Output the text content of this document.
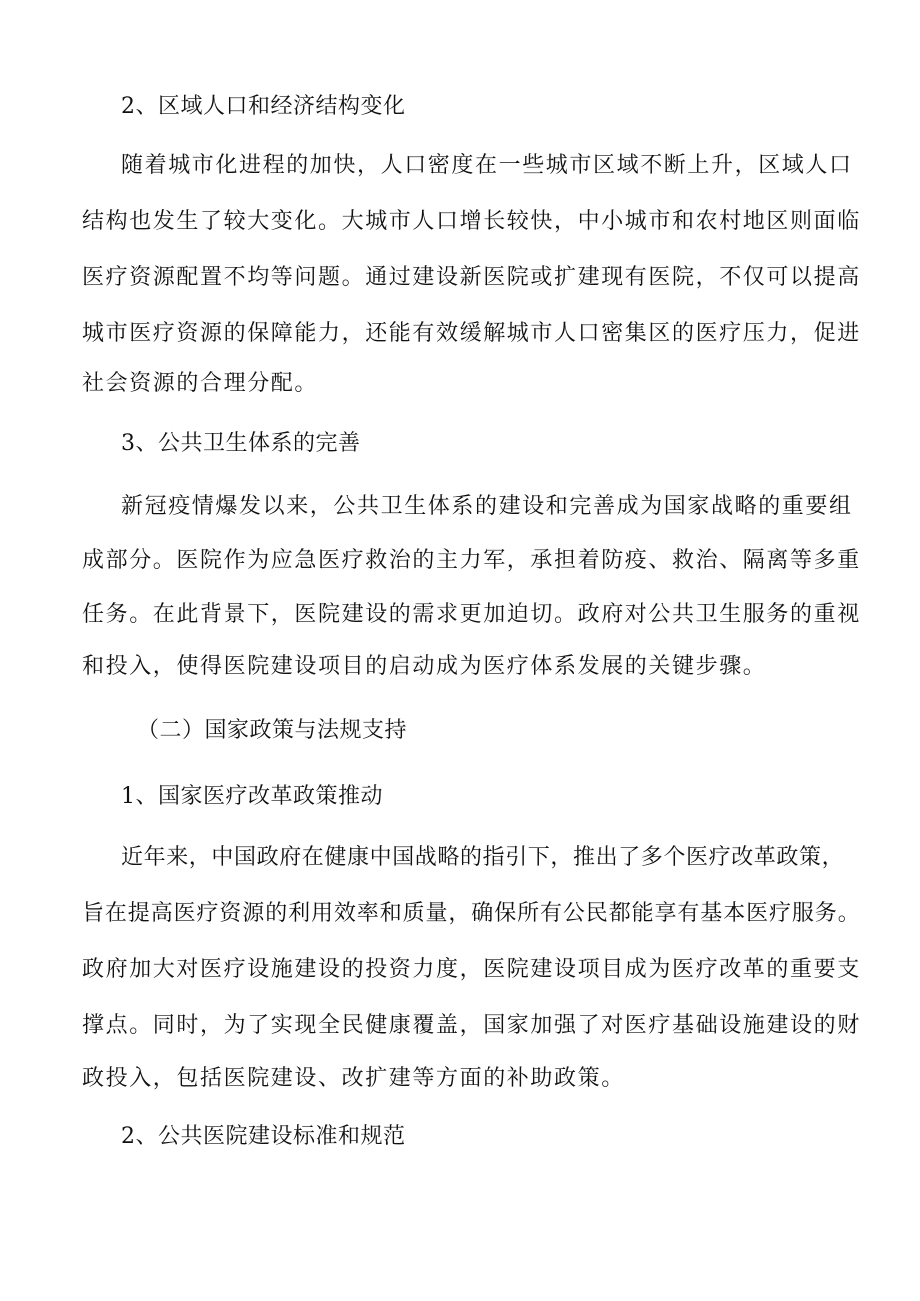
2、区域人口和经济结构变化
随着城市化进程的加快，人口密度在一些城市区域不断上升，区域人口
结构也发生了较大变化。大城市人口增长较快，中小城市和农村地区则面临
医疗资源配置不均等问题。通过建设新医院或扩建现有医院，不仅可以提高
城市医疗资源的保障能力，还能有效缓解城市人口密集区的医疗压力，促进
社会资源的合理分配。
3、公共卫生体系的完善
新冠疫情爆发以来，公共卫生体系的建设和完善成为国家战略的重要组
成部分。医院作为应急医疗救治的主力军，承担着防疫、救治、隔离等多重
任务。在此背景下，医院建设的需求更加迫切。政府对公共卫生服务的重视
和投入，使得医院建设项目的启动成为医疗体系发展的关键步骤。
（二）国家政策与法规支持
1、国家医疗改革政策推动
近年来，中国政府在健康中国战略的指引下，推出了多个医疗改革政策，
旨在提高医疗资源的利用效率和质量，确保所有公民都能享有基本医疗服务。
政府加大对医疗设施建设的投资力度，医院建设项目成为医疗改革的重要支
撑点。同时，为了实现全民健康覆盖，国家加强了对医疗基础设施建设的财
政投入，包括医院建设、改扩建等方面的补助政策。
2、公共医院建设标准和规范
